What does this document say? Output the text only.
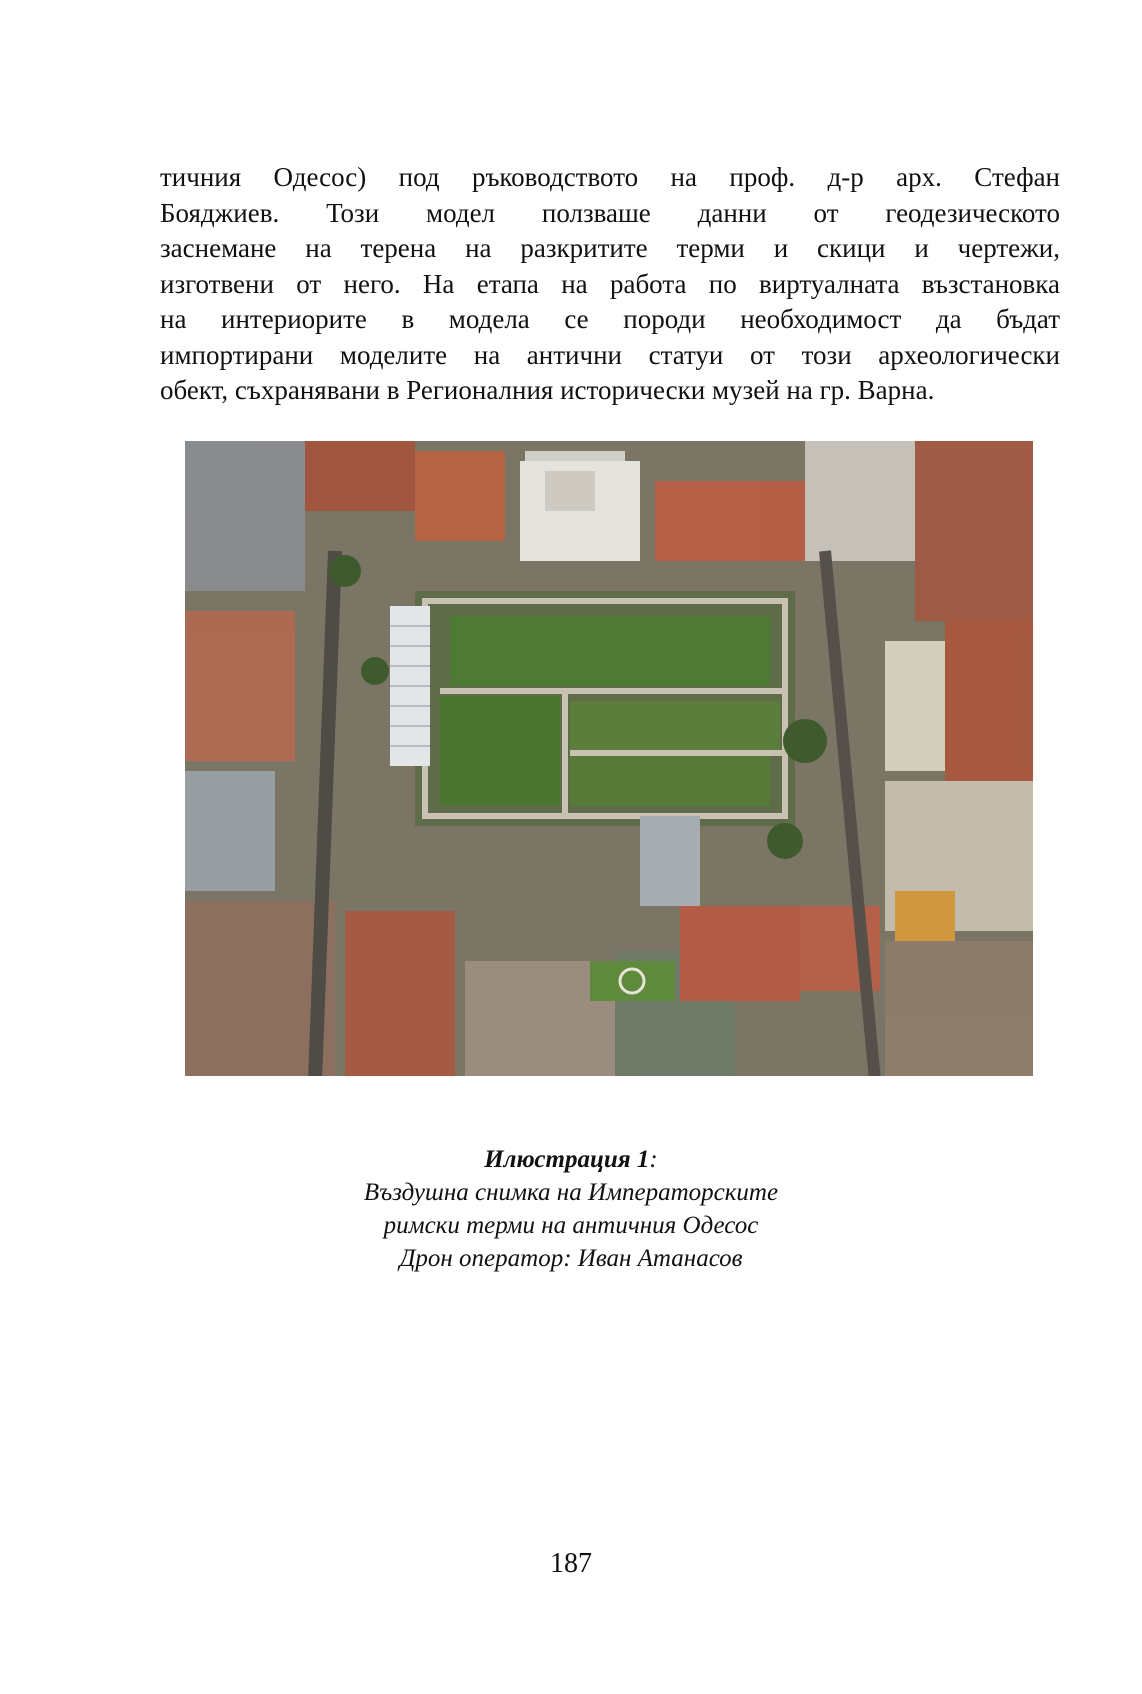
тичния Одесос) под ръководството на проф. д-р арх. Стефан
Бояджиев. Този модел ползваше данни от геодезическото
заснемане на терена на разкритите терми и скици и чертежи,
изготвени от него. На етапа на работа по виртуалната възстановка
на интериорите в модела се породи необходимост да бъдат
импортирани моделите на антични статуи от този археологически
обект, съхранявани в Регионалния исторически музей на гр. Варна.
Илюстрация 1:
Въздушна снимка на Императорските
римски терми на античния Одесос
Дрон оператор: Иван Атанасов
187
